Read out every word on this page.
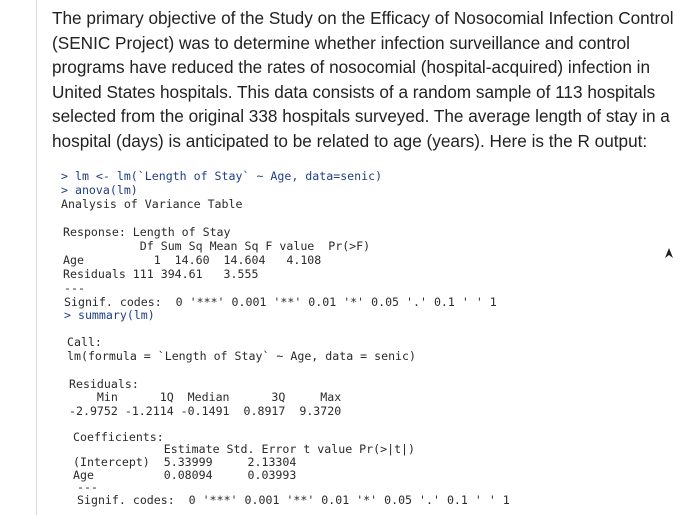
The primary objective of the Study on the Efficacy of Nosocomial Infection Control
(SENIC Project) was to determine whether infection surveillance and control
programs have reduced the rates of nosocomial (hospital-acquired) infection in
United States hospitals. This data consists of a random sample of 113 hospitals
selected from the original 338 hospitals surveyed. The average length of stay in a
hospital (days) is anticipated to be related to age (years). Here is the R output:
> lm <- lm(`Length of Stay` ~ Age, data=senic)
> anova(lm)
Analysis of Variance Table
Response: Length of Stay
Df Sum Sq Mean Sq F value  Pr(>F)
Age          1  14.60  14.604   4.108
Residuals 111 394.61   3.555
---
Signif. codes:  0 '***' 0.001 '**' 0.01 '*' 0.05 '.' 0.1 ' ' 1
> summary(lm)
Call:
lm(formula = `Length of Stay` ~ Age, data = senic)
Residuals:
Min      1Q  Median      3Q     Max
-2.9752 -1.2114 -0.1491  0.8917  9.3720
Coefficients:
Estimate Std. Error t value Pr(>|t|)
(Intercept)  5.33999     2.13304
Age          0.08094     0.03993
---
Signif. codes:  0 '***' 0.001 '**' 0.01 '*' 0.05 '.' 0.1 ' ' 1
